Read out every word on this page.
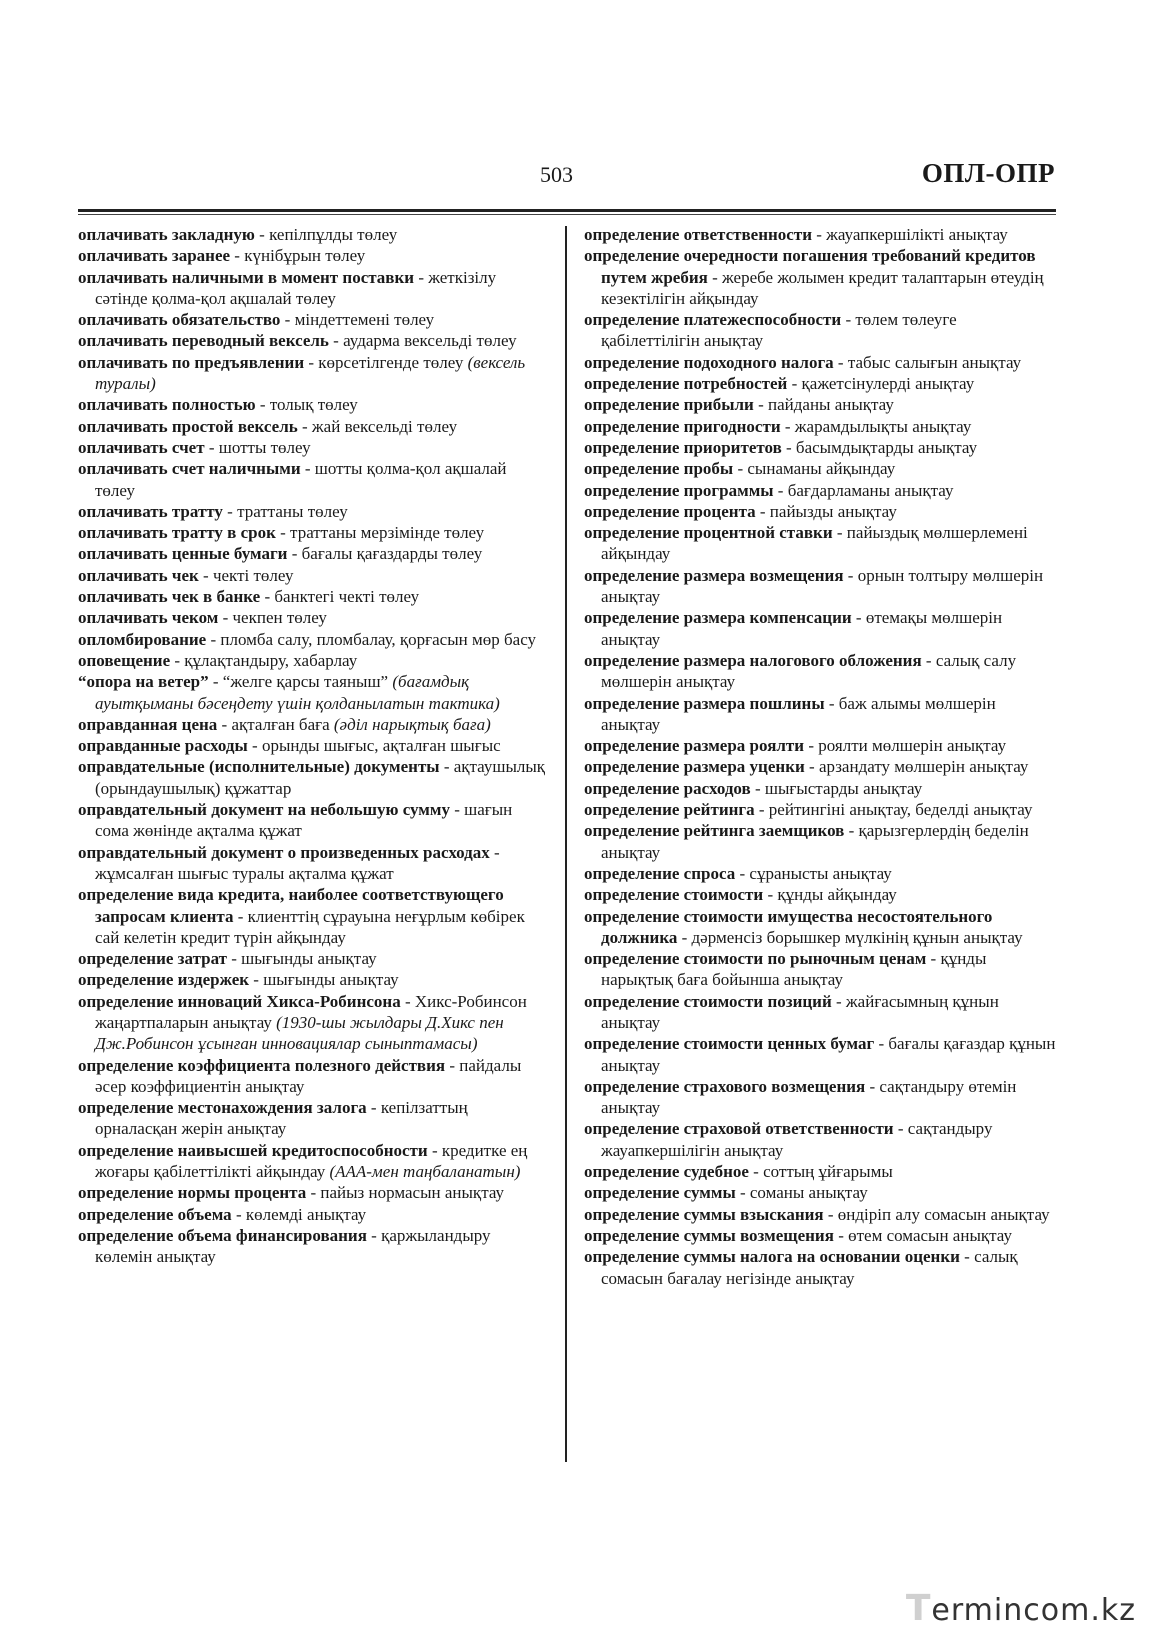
503	ОПЛ-ОПР

оплачивать закладную - кепілпұлды төлеу

оплачивать заранее - күнібұрын төлеу

оплачивать наличными в момент поставки - жеткізілу сәтінде қолма-қол ақшалай төлеу

оплачивать обязательство - міндеттемені төлеу

оплачивать переводный вексель - аударма вексельді төлеу

оплачивать по предъявлении - көрсетілгенде төлеу (вексель туралы)

оплачивать полностью - толық төлеу

оплачивать простой вексель - жай вексельді төлеу

оплачивать счет - шотты төлеу

оплачивать счет наличными - шотты қолма-қол ақшалай төлеу

оплачивать тратту - траттаны төлеу

оплачивать тратту в срок - траттаны мерзімінде төлеу

оплачивать ценные бумаги - бағалы қағаздарды төлеу

оплачивать чек - чекті төлеу

оплачивать чек в банке - банктегі чекті төлеу

оплачивать чеком - чекпен төлеу

опломбирование - пломба салу, пломбалау, қорғасын мөр басу

оповещение - құлақтандыру, хабарлау

“опора на ветер” - “желге қарсы таяныш” (бағамдық ауытқыманы бәсеңдету үшін қолданылатын тактика)

оправданная цена - ақталған баға (әділ нарықтық баға)

оправданные расходы - орынды шығыс, ақталған шығыс

оправдательные (исполнительные) документы - ақтаушылық (орындаушылық) құжаттар

оправдательный документ на небольшую сумму - шағын сома жөнінде ақталма құжат

оправдательный документ о произведенных расходах - жұмсалған шығыс туралы ақталма құжат

определение вида кредита, наиболее соответствующего запросам клиента - клиенттің сұрауына неғұрлым көбірек сай келетін кредит түрін айқындау

определение затрат - шығынды анықтау

определение издержек - шығынды анықтау

определение инноваций Хикса-Робинсона - Хикс-Робинсон жаңартпаларын анықтау (1930-шы жылдары Д.Хикс пен Дж.Робинсон ұсынған инновациялар сыныптамасы)

определение коэффициента полезного действия - пайдалы әсер коэффициентін анықтау

определение местонахождения залога - кепілзаттың орналасқан жерін анықтау

определение наивысшей кредитоспособности - кредитке ең жоғары қабілеттілікті айқындау (ААА-мен таңбаланатын)

определение нормы процента - пайыз нормасын анықтау

определение объема - көлемді анықтау

определение объема финансирования - қаржыландыру көлемін анықтау

определение ответственности - жауапкершілікті анықтау

определение очередности погашения требований кредитов путем жребия - жеребе жолымен кредит талаптарын өтеудің кезектілігін айқындау

определение платежеспособности - төлем төлеуге қабілеттілігін анықтау

определение подоходного налога - табыс салығын анықтау

определение потребностей - қажетсінулерді анықтау

определение прибыли - пайданы анықтау

определение пригодности - жарамдылықты анықтау

определение приоритетов - басымдықтарды анықтау

определение пробы - сынаманы айқындау

определение программы - бағдарламаны анықтау

определение процента - пайызды анықтау

определение процентной ставки - пайыздық мөлшерлемені айқындау

определение размера возмещения - орнын толтыру мөлшерін анықтау

определение размера компенсации - өтемақы мөлшерін анықтау

определение размера налогового обложения - салық салу мөлшерін анықтау

определение размера пошлины - баж алымы мөлшерін анықтау

определение размера роялти - роялти мөлшерін анықтау

определение размера уценки - арзандату мөлшерін анықтау

определение расходов - шығыстарды анықтау

определение рейтинга - рейтингіні анықтау, беделді анықтау

определение рейтинга заемщиков - қарызгерлердің беделін анықтау

определение спроса - сұранысты анықтау

определение стоимости - құнды айқындау

определение стоимости имущества несостоятельного должника - дәрменсіз борышкер мүлкінің құнын анықтау

определение стоимости по рыночным ценам - құнды нарықтық баға бойынша анықтау

определение стоимости позиций - жайғасымның құнын анықтау

определение стоимости ценных бумаг - бағалы қағаздар құнын анықтау

определение страхового возмещения - сақтандыру өтемін анықтау

определение страховой ответственности - сақтандыру жауапкершілігін анықтау

определение судебное - соттың ұйғарымы

определение суммы - соманы анықтау

определение суммы взыскания - өндіріп алу сомасын анықтау

определение суммы возмещения - өтем сомасын анықтау

определение суммы налога на основании оценки - салық сомасын бағалау негізінде анықтау

Termincom.kz
